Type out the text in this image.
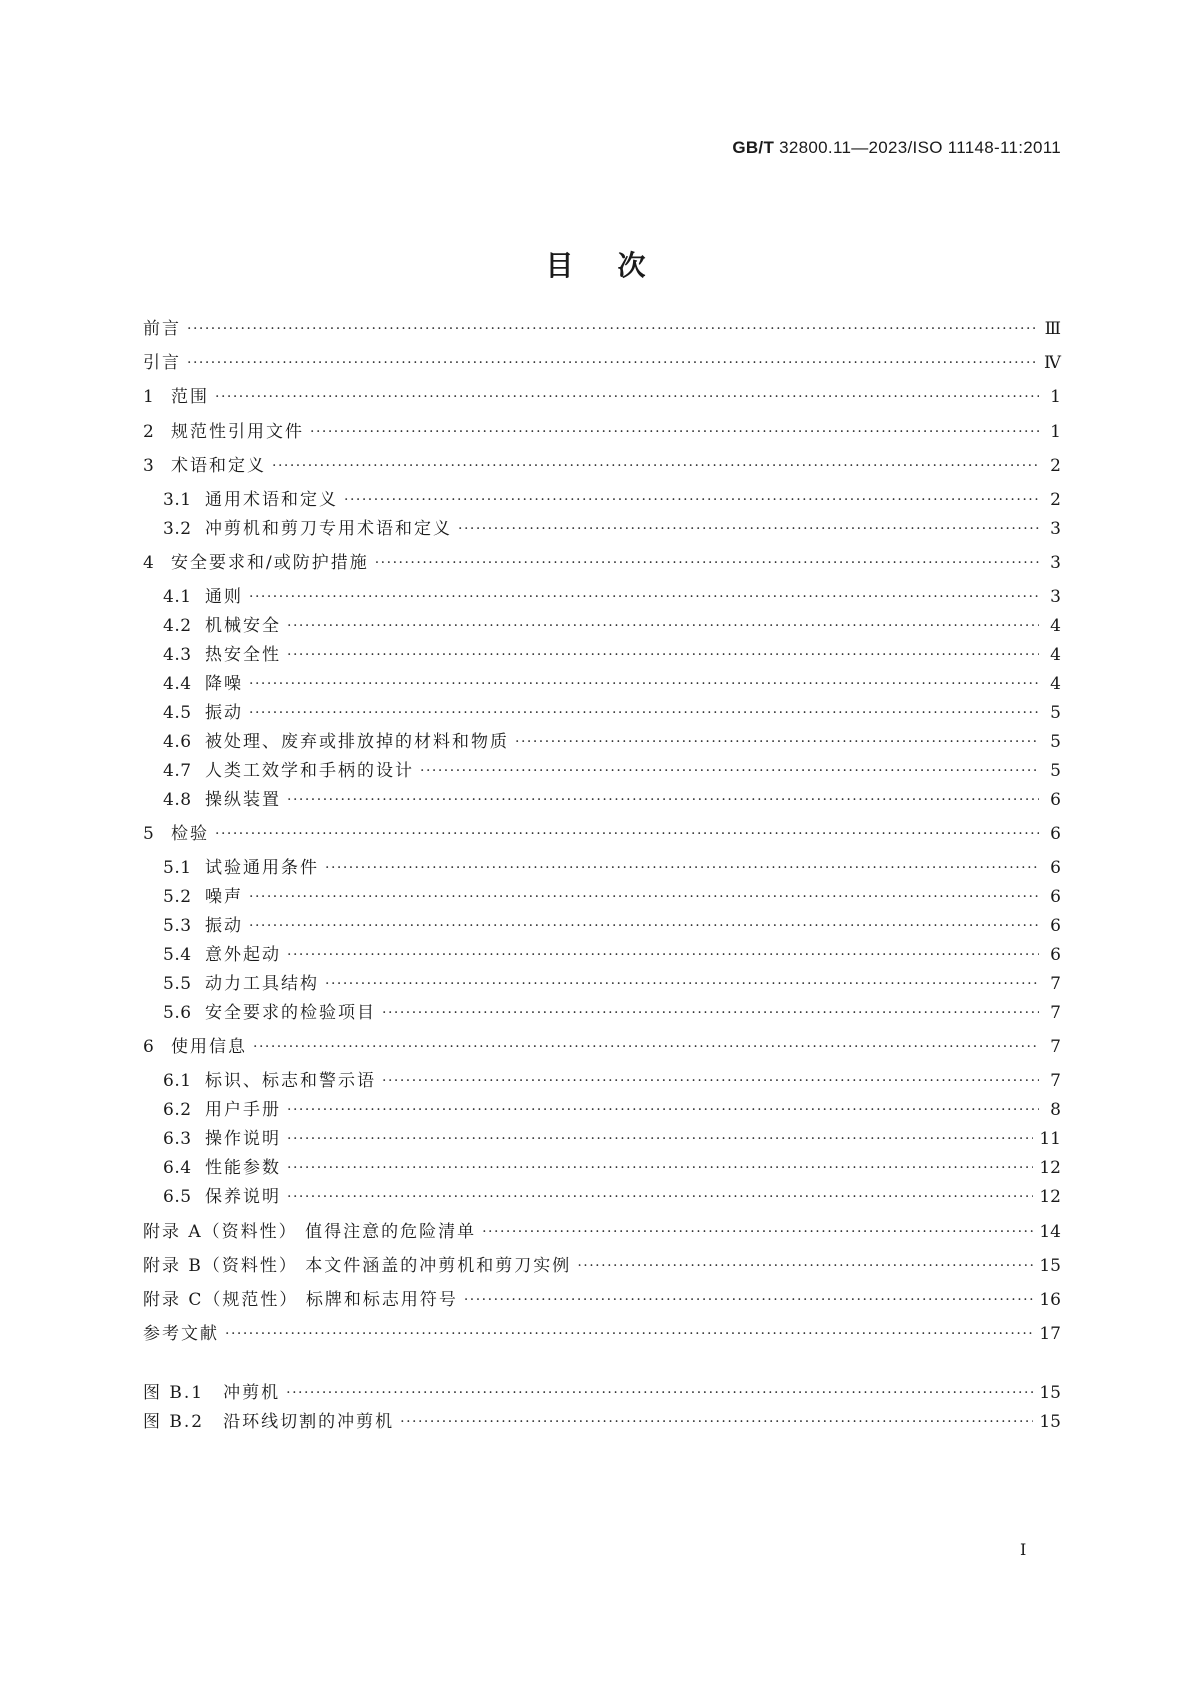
GB/T 32800.11—2023/ISO 11148-11:2011
目次
前言 ·····	Ⅲ
引言 ·····	Ⅳ
1 范围 ·····	1
2 规范性引用文件 ·····	1
3 术语和定义 ·····	2
3.1 通用术语和定义 ·····	2
3.2 冲剪机和剪刀专用术语和定义 ·····	3
4 安全要求和/或防护措施 ·····	3
4.1 通则 ·····	3
4.2 机械安全 ·····	4
4.3 热安全性 ·····	4
4.4 降噪 ·····	4
4.5 振动 ·····	5
4.6 被处理、废弃或排放掉的材料和物质 ·····	5
4.7 人类工效学和手柄的设计 ·····	5
4.8 操纵装置 ·····	6
5 检验 ·····	6
5.1 试验通用条件 ·····	6
5.2 噪声 ·····	6
5.3 振动 ·····	6
5.4 意外起动 ·····	6
5.5 动力工具结构 ·····	7
5.6 安全要求的检验项目 ·····	7
6 使用信息 ·····	7
6.1 标识、标志和警示语 ·····	7
6.2 用户手册 ·····	8
6.3 操作说明 ·····	11
6.4 性能参数 ·····	12
6.5 保养说明 ·····	12
附录 A（资料性） 值得注意的危险清单 ·····	14
附录 B（资料性） 本文件涵盖的冲剪机和剪刀实例 ·····	15
附录 C（规范性） 标牌和标志用符号 ·····	16
参考文献 ·····	17
图 B.1　冲剪机 ·····	15
图 B.2　沿环线切割的冲剪机 ·····	15
I
